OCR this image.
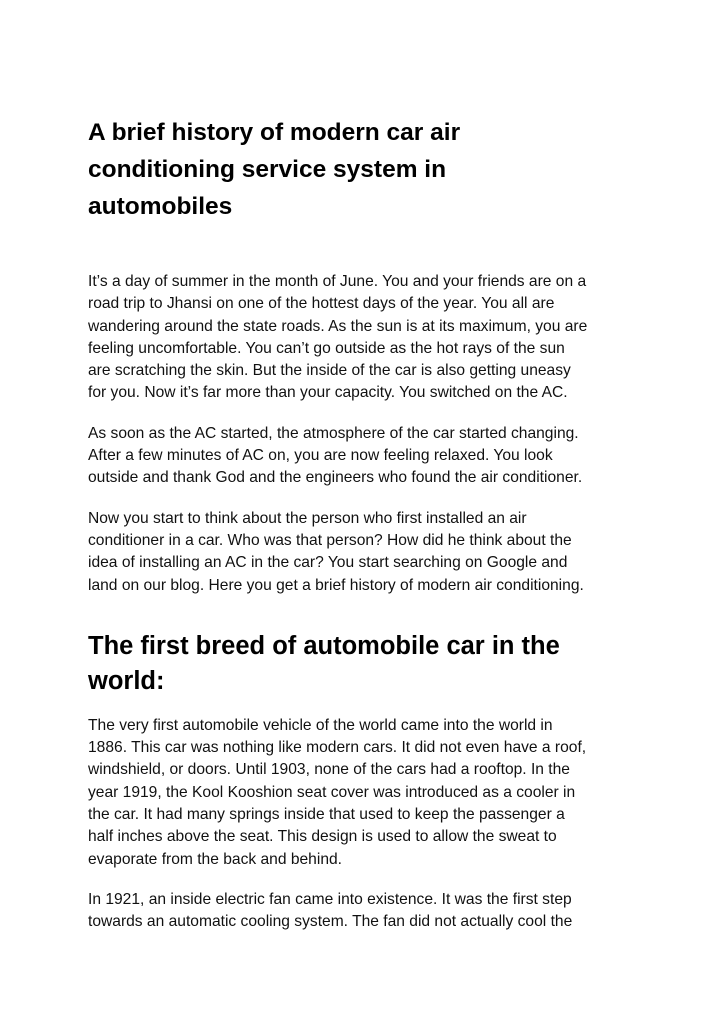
A brief history of modern car air
conditioning service system in
automobiles

It’s a day of summer in the month of June. You and your friends are on a
road trip to Jhansi on one of the hottest days of the year. You all are
wandering around the state roads. As the sun is at its maximum, you are
feeling uncomfortable. You can’t go outside as the hot rays of the sun
are scratching the skin. But the inside of the car is also getting uneasy
for you. Now it’s far more than your capacity. You switched on the AC.

As soon as the AC started, the atmosphere of the car started changing.
After a few minutes of AC on, you are now feeling relaxed. You look
outside and thank God and the engineers who found the air conditioner.

Now you start to think about the person who first installed an air
conditioner in a car. Who was that person? How did he think about the
idea of installing an AC in the car? You start searching on Google and
land on our blog. Here you get a brief history of modern air conditioning.

The first breed of automobile car in the
world:

The very first automobile vehicle of the world came into the world in
1886. This car was nothing like modern cars. It did not even have a roof,
windshield, or doors. Until 1903, none of the cars had a rooftop. In the
year 1919, the Kool Kooshion seat cover was introduced as a cooler in
the car. It had many springs inside that used to keep the passenger a
half inches above the seat. This design is used to allow the sweat to
evaporate from the back and behind.

In 1921, an inside electric fan came into existence. It was the first step
towards an automatic cooling system. The fan did not actually cool the
